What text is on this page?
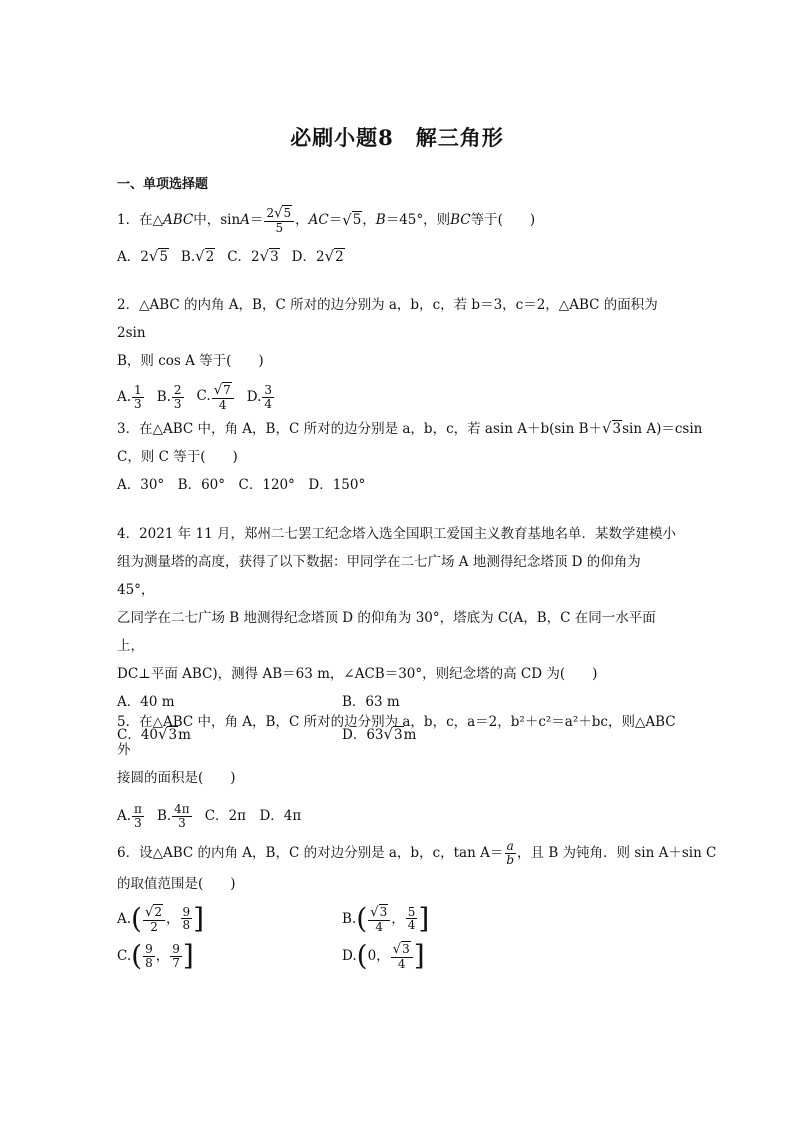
必刷小题8　解三角形
一、单项选择题
1．在△ ABC 中，$\sin A = \frac{2√5}{5}$ ， AC ＝ √ 5 ， B ＝45°，则 BC 等于(　　)
A．2√5 B.√2 C．2√3 D．2√2
2．△ABC 的内角 A，B，C 所对的边分别为 a，b，c，若 b＝3，c＝2，△ABC 的面积为 2sin
B，则 cos A 等于(　　)
A. $\frac{1}{3} B$. $\frac{2}{3} C$. $\frac{√7}{4} D$. $\frac{3}{4}$
3．在△ABC 中，角 A，B，C 所对的边分别是 a，b，c，若 asin A＋b(sin B＋√3sin A)＝csin
C，则 C 等于(　　)
A．30°　B．60°　C．120°　D．150°
4．2021 年 11 月，郑州二七罢工纪念塔入选全国职工爱国主义教育基地名单．某数学建模小
组为测量塔的高度，获得了以下数据：甲同学在二七广场 A 地测得纪念塔顶 D 的仰角为 45°，
乙同学在二七广场 B 地测得纪念塔顶 D 的仰角为 30°，塔底为 C(A，B，C 在同一水平面上，
DC⊥平面 ABC)，测得 AB＝63 m，∠ACB＝30°，则纪念塔的高 CD 为(　　)
A．40 m	B．63 m
C．40√3m	D．63√3m
5．在△ABC 中，角 A，B，C 所对的边分别为 a，b，c，a＝2，b²＋c²＝a²＋bc，则△ABC 外
接圆的面积是(　　)
A. $\frac{\pi}{3} B$. $\frac{4\pi}{3}$ C．2π　D．4π
6．设△ABC 的内角 A，B，C 的对边分别是 a，b，c，$\tan A= \frac{a}{b}$ ，且 B 为钝角．则 sin A＋sin C
的取值范围是(　　)
A. ( $\frac{√2}{2}$ ， $\frac{9}{8}$ ]	B. ( $\frac{√3}{4}$ ， $\frac{5}{4}$ ]
C. ( $\frac{9}{8}$ ， $\frac{9}{7}$ ]	D. ( 0 ， $\frac{√3}{4}$ ]
